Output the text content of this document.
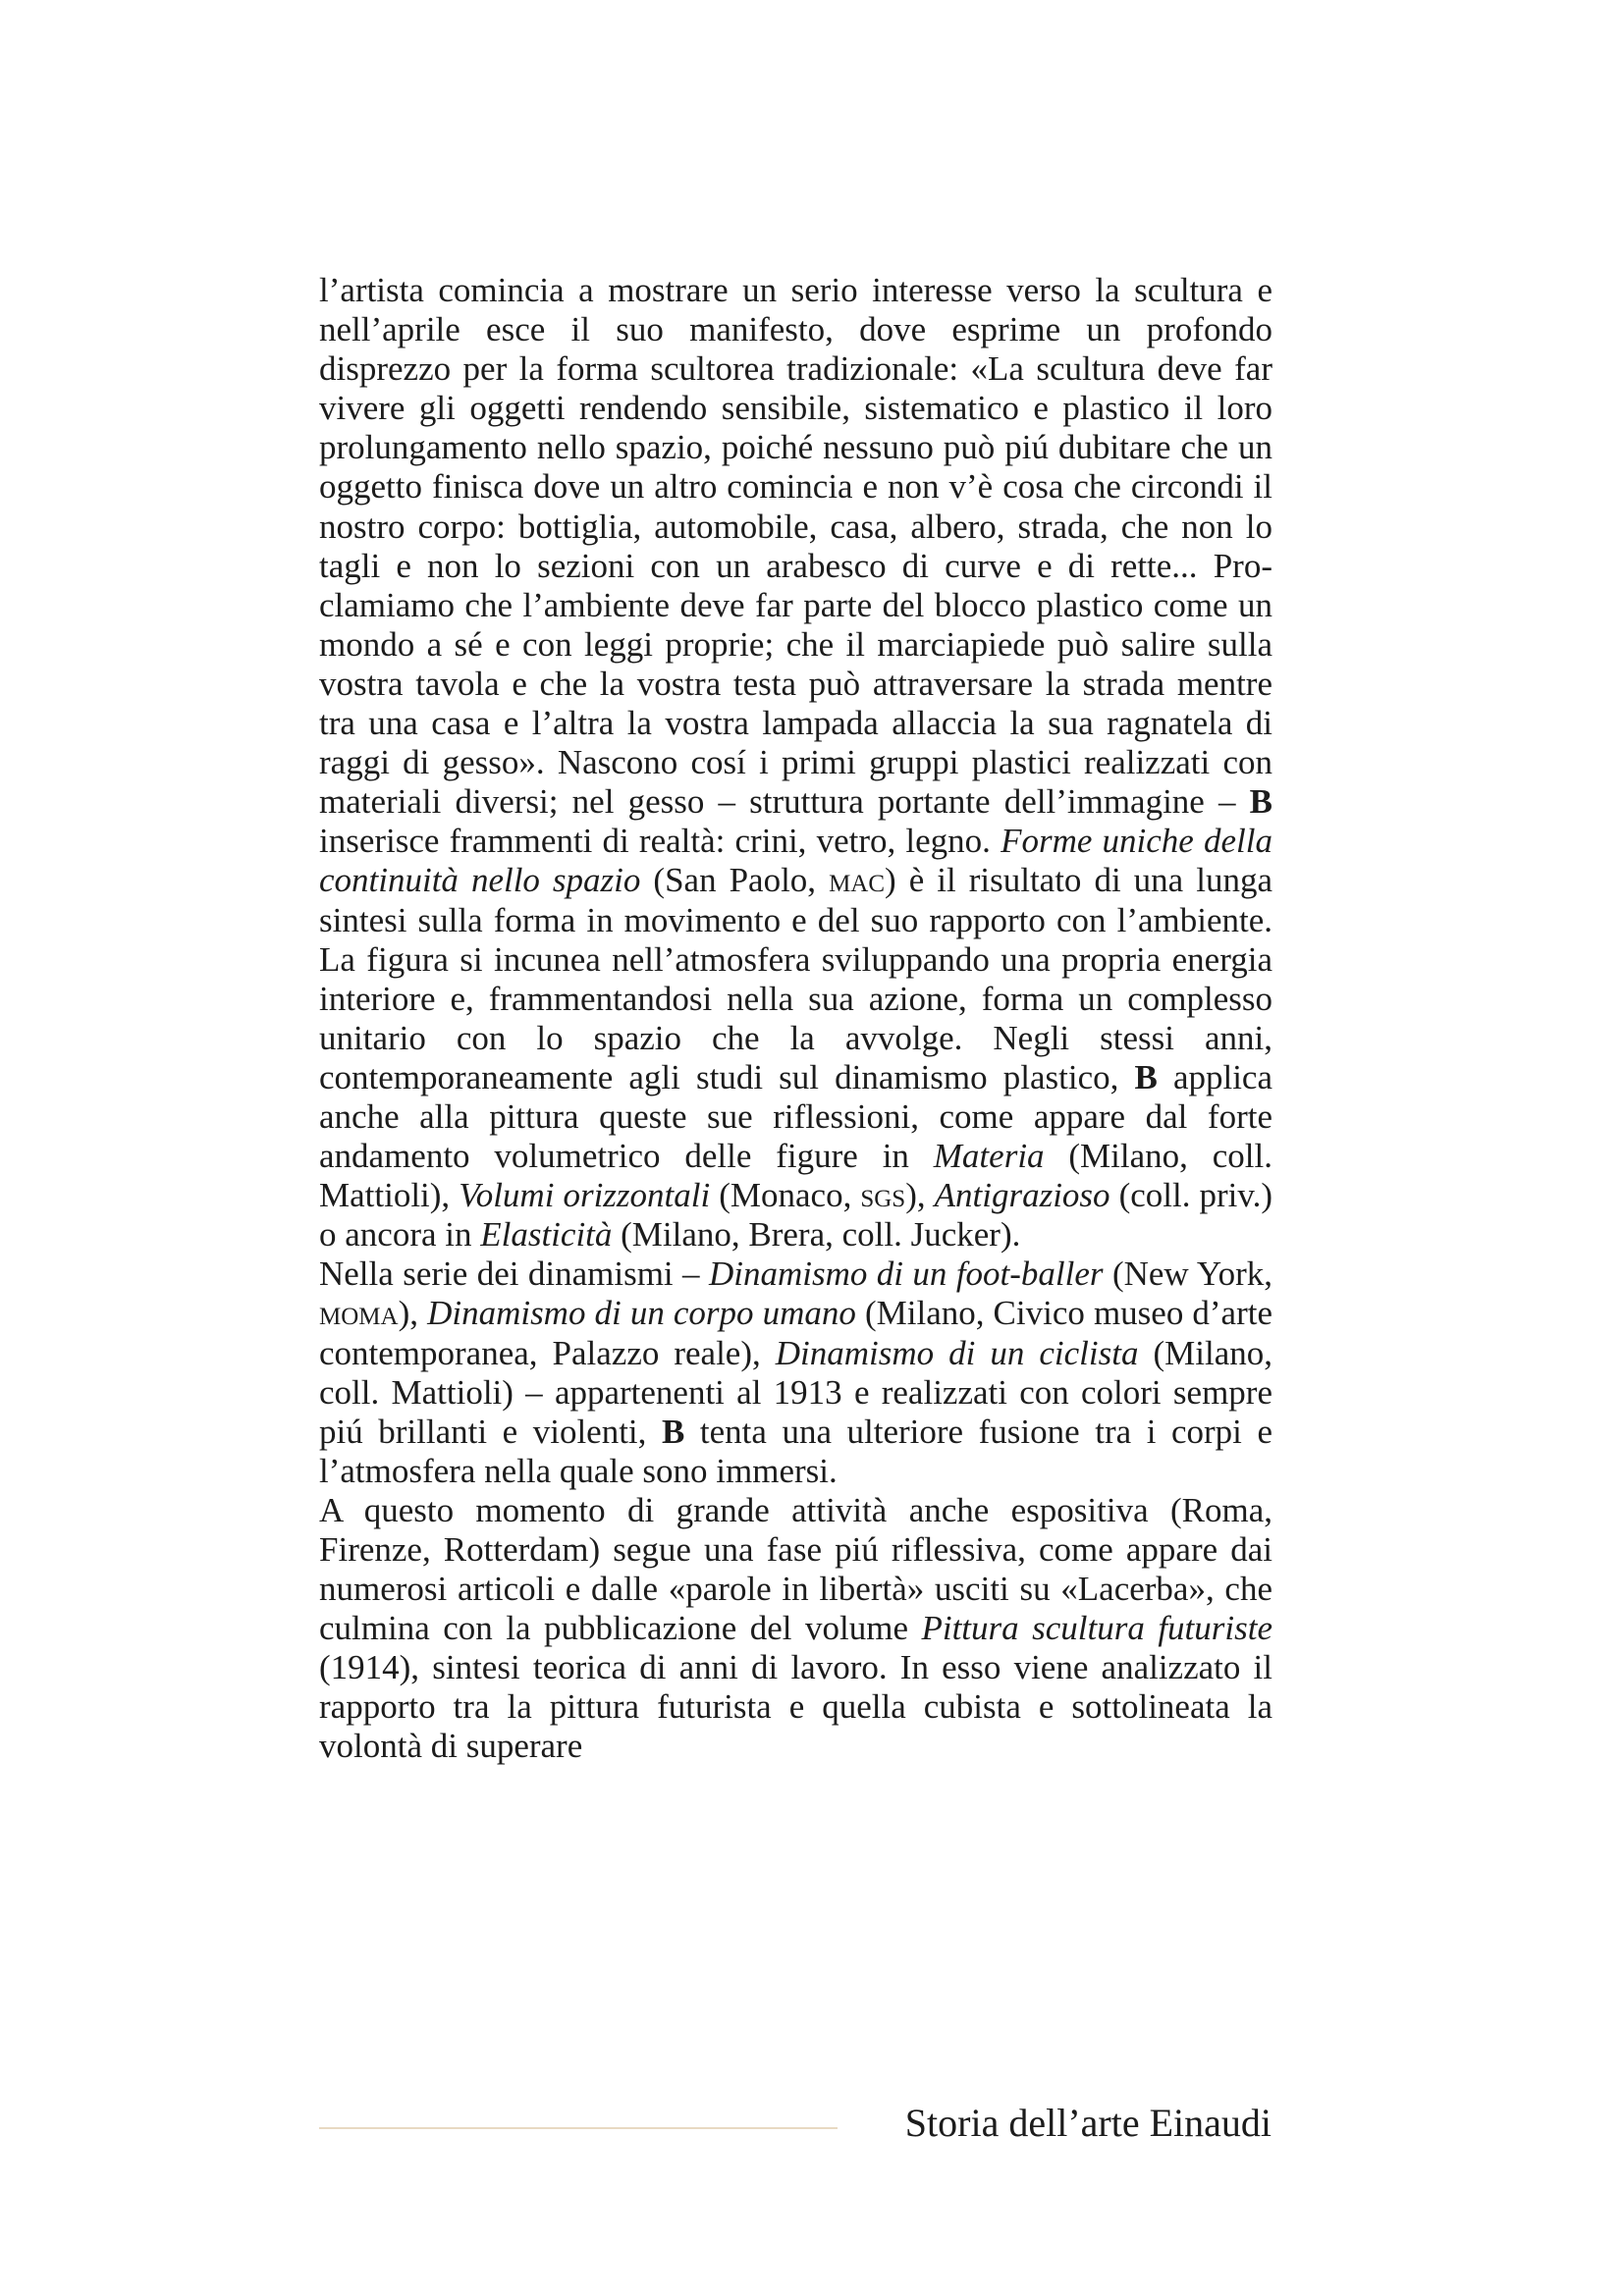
l’artista comincia a mostrare un serio interesse verso la scultura e nell’aprile esce il suo manifesto, dove esprime un profondo disprezzo per la forma scultorea tradizionale: «La scultura deve far vivere gli oggetti rendendo sensibile, sistematico e plastico il loro prolungamento nello spazio, poiché nessuno può piú dubitare che un oggetto finisca dove un altro comincia e non v’è cosa che circondi il nostro corpo: bottiglia, automobile, casa, albero, strada, che non lo tagli e non lo sezioni con un arabesco di curve e di rette... Proclamiamo che l’ambiente deve far parte del blocco plastico come un mondo a sé e con leggi proprie; che il marciapiede può salire sulla vostra tavola e che la vostra testa può attraversare la strada mentre tra una casa e l’altra la vostra lampada allaccia la sua ragnatela di raggi di gesso». Nascono cosí i primi gruppi plastici realizzati con materiali diversi; nel gesso – struttura portante dell’immagine – B inserisce frammenti di realtà: crini, vetro, legno. Forme uniche della continuità nello spazio (San Paolo, mac) è il risultato di una lunga sintesi sulla forma in movimento e del suo rapporto con l’ambiente. La figura si incunea nell’atmosfera sviluppando una propria energia interiore e, frammentandosi nella sua azione, forma un complesso unitario con lo spazio che la avvolge. Negli stessi anni, contemporaneamente agli studi sul dinamismo plastico, B applica anche alla pittura queste sue riflessioni, come appare dal forte andamento volumetrico delle figure in Materia (Milano, coll. Mattioli), Volumi orizzontali (Monaco, sgs), Antigrazioso (coll. priv.) o ancora in Elasticità (Milano, Brera, coll. Jucker).

Nella serie dei dinamismi – Dinamismo di un foot-baller (New York, moma), Dinamismo di un corpo umano (Milano, Civico museo d’arte contemporanea, Palazzo reale), Dinamismo di un ciclista (Milano, coll. Mattioli) – appartenenti al 1913 e realizzati con colori sempre piú brillanti e violenti, B tenta una ulteriore fusione tra i corpi e l’atmosfera nella quale sono immersi.

A questo momento di grande attività anche espositiva (Roma, Firenze, Rotterdam) segue una fase piú riflessiva, come appare dai numerosi articoli e dalle «parole in libertà» usciti su «Lacerba», che culmina con la pubblicazione del volume Pittura scultura futuriste (1914), sintesi teorica di anni di lavoro. In esso viene analizzato il rapporto tra la pittura futurista e quella cubista e sottolineata la volontà di superare

Storia dell’arte Einaudi
